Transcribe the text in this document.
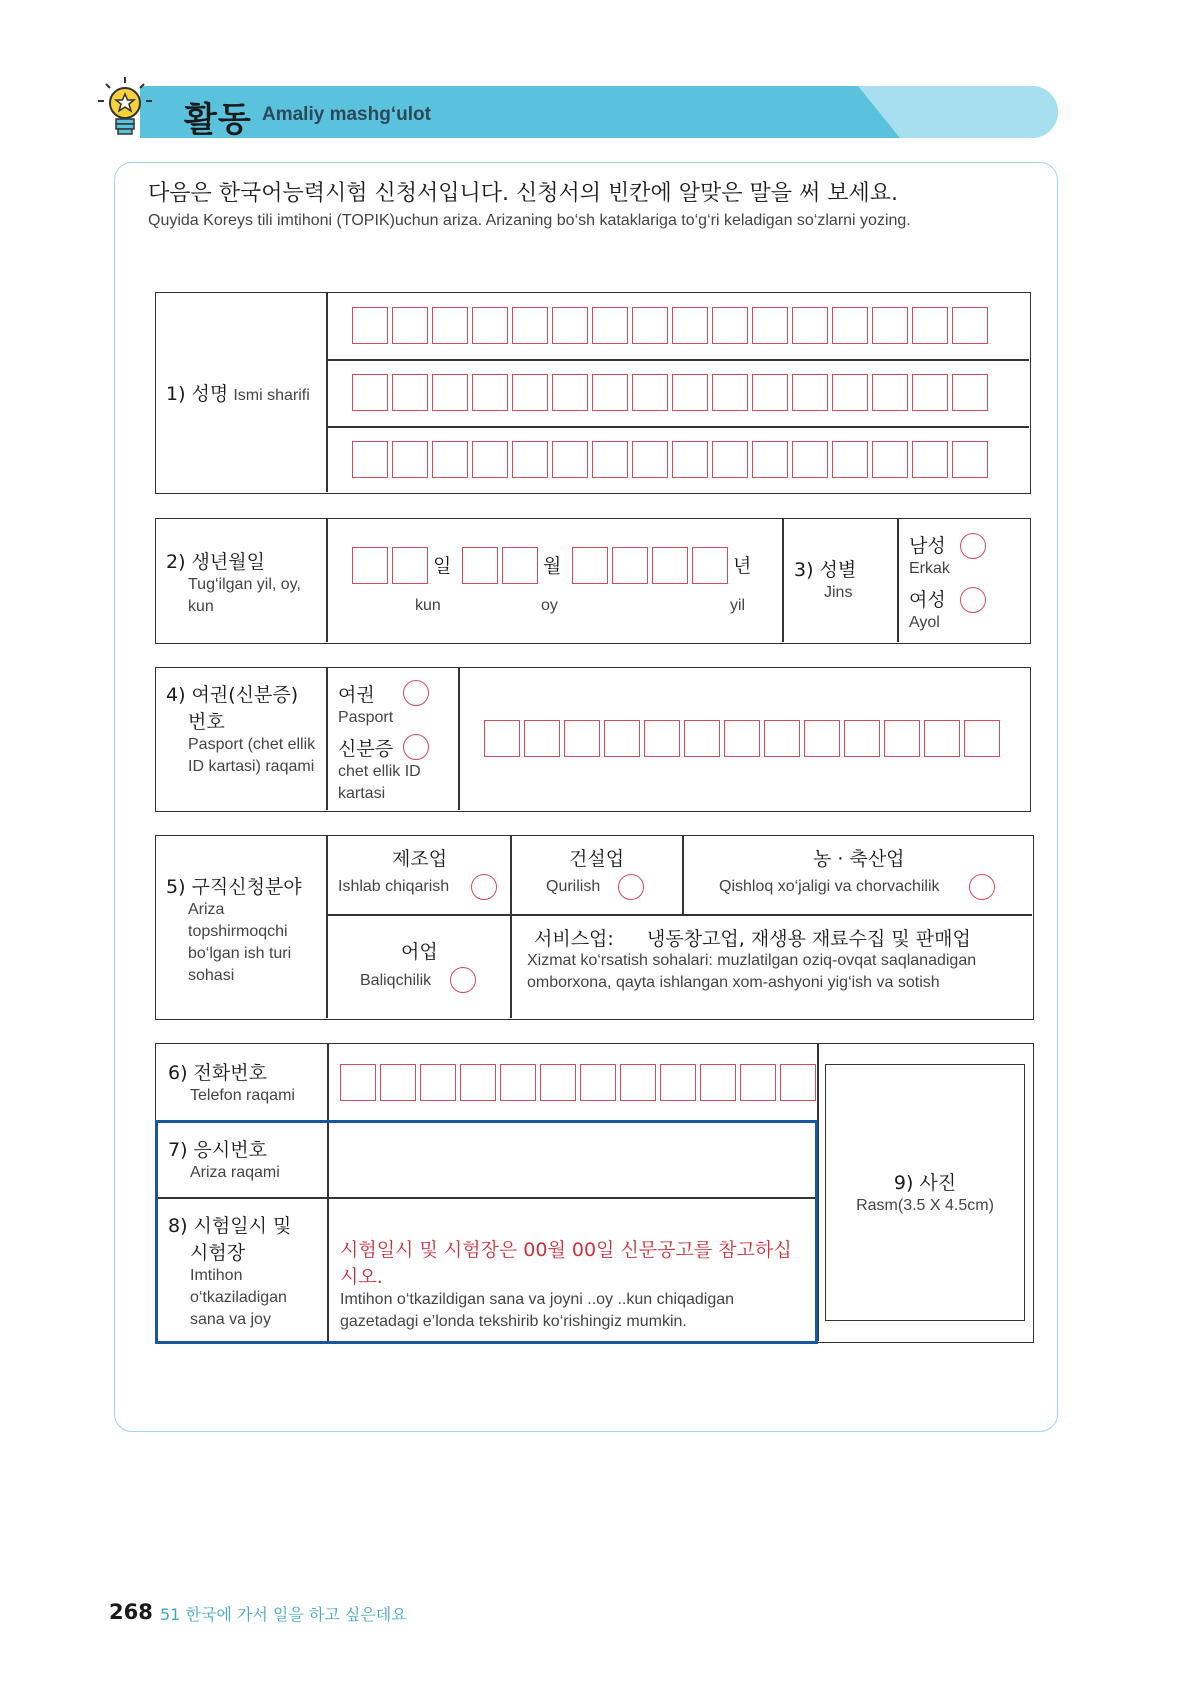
활동 Amaliy mashg‘ulot
다음은 한국어능력시험 신청서입니다. 신청서의 빈칸에 알맞은 말을 써 보세요.
Quyida Koreys tili imtihoni (TOPIK)uchun ariza. Arizaning bo‘sh kataklariga to‘g‘ri keladigan so‘zlarni yozing.
1) 성명 Ismi sharifi
2) 생년월일
Tug‘ilgan yil, oy, kun
일	월	년
kun	oy	yil
3) 성별
Jins
남성
Erkak
여성
Ayol
4) 여권(신분증)
번호
Pasport (chet ellik ID kartasi) raqami
여권
Pasport
신분증
chet ellik ID kartasi
5) 구직신청분야
Ariza topshirmoqchi bo‘lgan ish turi sohasi
제조업
Ishlab chiqarish
건설업
Qurilish
농 · 축산업
Qishloq xo‘jaligi va chorvachilik
어업
Baliqchilik
서비스업: 냉동창고업, 재생용 재료수집 및 판매업
Xizmat ko‘rsatish sohalari: muzlatilgan oziq-ovqat saqlanadigan omborxona, qayta ishlangan xom-ashyoni yig‘ish va sotish
6) 전화번호
Telefon raqami
9) 사진
Rasm(3.5 X 4.5cm)
7) 응시번호
Ariza raqami
8) 시험일시 및
시험장
Imtihon o‘tkaziladigan sana va joy
시험일시 및 시험장은 00월 00일 신문공고를 참고하십시오.
Imtihon o‘tkazildigan sana va joyni ..oy ..kun chiqadigan gazetadagi e’londa tekshirib ko‘rishingiz mumkin.
268 51 한국에 가서 일을 하고 싶은데요
